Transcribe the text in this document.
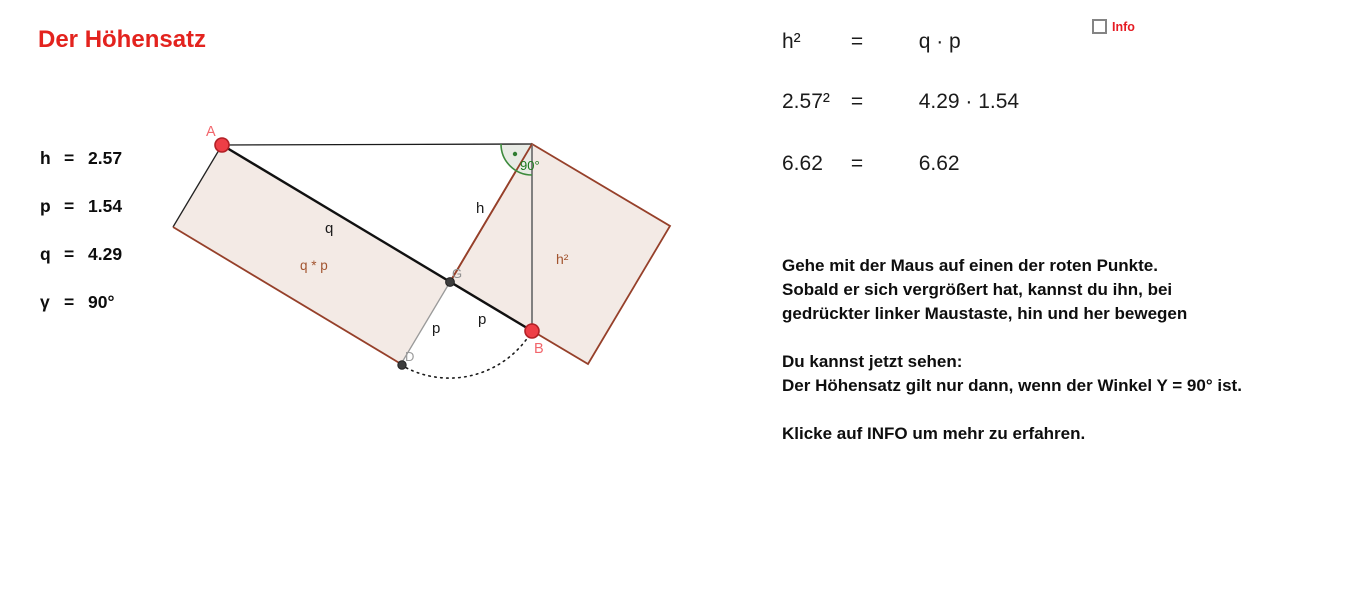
Der Höhensatz
h = 2.57
p = 1.54
q = 4.29
γ = 90°
A
B
G
D
q
h
p
p
q * p	h²
90°
h² =	q · p
2.57² =	4.29 · 1.54
6.62 =	6.62

Gehe mit der Maus auf einen der roten Punkte.
Sobald er sich vergrößert hat, kannst du ihn, bei
gedrückter linker Maustaste, hin und her bewegen

Du kannst jetzt sehen:
Der Höhensatz gilt nur dann, wenn der Winkel Y = 90° ist.

Klicke auf INFO um mehr zu erfahren.

Info
